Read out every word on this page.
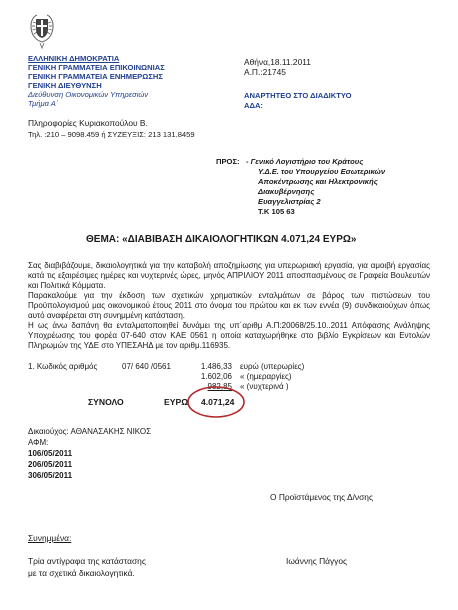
ΕΛΛΗΝΙΚΗ ΔΗΜΟΚΡΑΤΙΑ
ΓΕΝΙΚΗ ΓΡΑΜΜΑΤΕΙΑ ΕΠΙΚΟΙΝΩΝΙΑΣ
ΓΕΝΙΚΗ ΓΡΑΜΜΑΤΕΙΑ ΕΝΗΜΕΡΩΣΗΣ
ΓΕΝΙΚΗ ΔΙΕΥΘΥΝΣΗ
Διεύθυνση Οικονομικών Υπηρεσιών
Τμήμα Α΄
Αθήνα,18.11.2011
Α.Π.:21745
ΑΝΑΡΤΗΤΕΟ ΣΤΟ ΔΙΑΔΙΚΤΥΟ
ΑΔΑ:
Πληροφορίες Κυριακοπούλου Β.
Τηλ. :210 – 9098.459 ή ΣΥΖΕΥΞΙΣ: 213 131.8459
ΠΡΟΣ: - Γενικό Λογιστήριο του Κράτους
Υ.Δ.Ε. του Υπουργείου Εσωτερικών
Αποκέντρωσης και Ηλεκτρονικής
Διακυβέρνησης
Ευαγγελιστρίας 2
Τ.Κ 105 63
ΘΕΜΑ: «ΔΙΑΒΙΒΑΣΗ ΔΙΚΑΙΟΛΟΓΗΤΙΚΩΝ 4.071,24 ΕΥΡΩ»
Σας διαβιβάζουμε, δικαιολογητικά για την καταβολή αποζημίωσης για υπερωριακή εργασία, για αμοιβή εργασίας κατά τις εξαιρέσιμες ημέρες και νυχτερινές ώρες, μηνός ΑΠΡΙΛΙΟΥ 2011 αποσπασμένους σε Γραφεία Βουλευτών και Πολιτικά Κόμματα.
Παρακαλούμε για την έκδοση των σχετικών χρηματικών ενταλμάτων σε βάρος των πιστώσεων του Προϋπολογισμού μας οικονομικού έτους 2011 στο όνομα του πρώτου και εκ των εννέα (9) συνδικαιούχων όπως αυτό αναφέρεται στη συνημμένη κατάσταση.
Η ως άνω δαπάνη θα ενταλματοποιηθεί δυνάμει της υπ΄αριθμ Α.Π:20068/25.10..2011 Απόφασης Ανάληψης Υποχρέωσης του φορέα 07-640 στον ΚΑΕ 0561 η οποία καταχωρήθηκε στο βιβλίο Εγκρίσεων και Εντολών Πληρωμών της ΥΔΕ στο ΥΠΕΣΑΗΔ με τον αριθμ.116935.
1. Κωδικός αριθμός	07/ 640 /0561	1.486,33 ευρώ (υπερωρίες)
1.602,06 « (ημεραργίες)
982,85 « (νυχτερινά )
ΣΥΝΟΛΟ	ΕΥΡΩ 4.071,24
Δικαιούχος: ΑΘΑΝΑΣΑΚΗΣ ΝΙΚΟΣ
ΑΦΜ:
106/05/2011
206/05/2011
306/05/2011
Ο Προϊστάμενος της Δ/νσης
Ιωάννης Πάγγος
Συνημμένα:
Τρία αντίγραφα της κατάστασης
με τα σχετικά δικαιολογητικά.
